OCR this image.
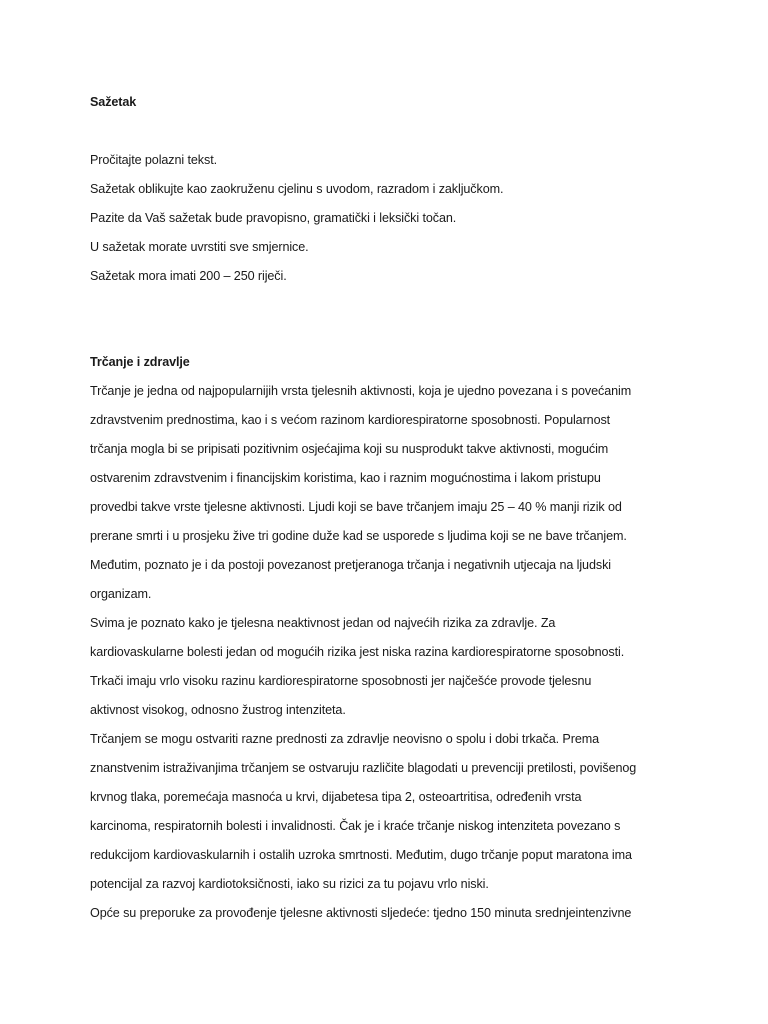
Sažetak
Pročitajte polazni tekst.
Sažetak oblikujte kao zaokruženu cjelinu s uvodom, razradom i zaključkom.
Pazite da Vaš sažetak bude pravopisno, gramatički i leksički točan.
U sažetak morate uvrstiti sve smjernice.
Sažetak mora imati 200 – 250 riječi.
Trčanje i zdravlje
Trčanje je jedna od najpopularnijih vrsta tjelesnih aktivnosti, koja je ujedno povezana i s povećanim
zdravstvenim prednostima, kao i s većom razinom kardiorespiratorne sposobnosti. Popularnost
trčanja mogla bi se pripisati pozitivnim osjećajima koji su nusprodukt takve aktivnosti, mogućim
ostvarenim zdravstvenim i financijskim koristima, kao i raznim mogućnostima i lakom pristupu
provedbi takve vrste tjelesne aktivnosti. Ljudi koji se bave trčanjem imaju 25 – 40 % manji rizik od
prerane smrti i u prosjeku žive tri godine duže kad se usporede s ljudima koji se ne bave trčanjem.
Međutim, poznato je i da postoji povezanost pretjeranoga trčanja i negativnih utjecaja na ljudski
organizam.
Svima je poznato kako je tjelesna neaktivnost jedan od najvećih rizika za zdravlje. Za
kardiovaskularne bolesti jedan od mogućih rizika jest niska razina kardiorespiratorne sposobnosti.
Trkači imaju vrlo visoku razinu kardiorespiratorne sposobnosti jer najčešće provode tjelesnu
aktivnost visokog, odnosno žustrog intenziteta.
Trčanjem se mogu ostvariti razne prednosti za zdravlje neovisno o spolu i dobi trkača. Prema
znanstvenim istraživanjima trčanjem se ostvaruju različite blagodati u prevenciji pretilosti, povišenog
krvnog tlaka, poremećaja masnoća u krvi, dijabetesa tipa 2, osteoartritisa, određenih vrsta
karcinoma, respiratornih bolesti i invalidnosti. Čak je i kraće trčanje niskog intenziteta povezano s
redukcijom kardiovaskularnih i ostalih uzroka smrtnosti. Međutim, dugo trčanje poput maratona ima
potencijal za razvoj kardiotoksičnosti, iako su rizici za tu pojavu vrlo niski.
Opće su preporuke za provođenje tjelesne aktivnosti sljedeće: tjedno 150 minuta srednjeintenzivne
